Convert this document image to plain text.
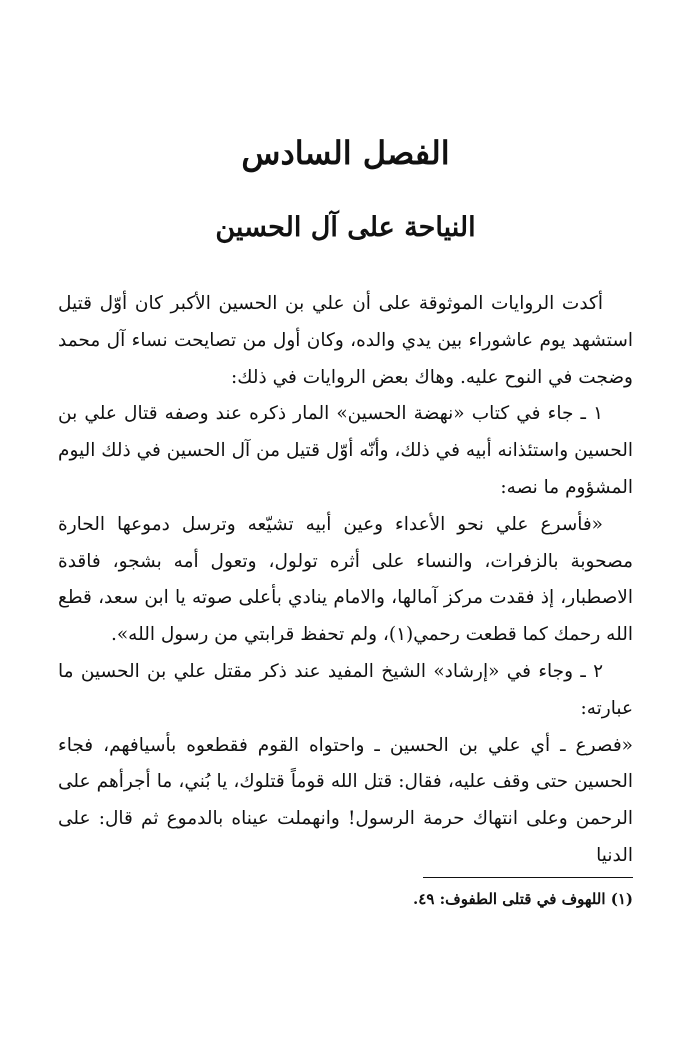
الفصل السادس
النياحة على آل الحسين

أكدت الروايات الموثوقة على أن علي بن الحسين الأكبر كان أوّل قتيل استشهد يوم عاشوراء بين يدي والده، وكان أول من تصايحت نساء آل محمد وضجت في النوح عليه. وهاك بعض الروايات في ذلك:

١ ـ جاء في كتاب «نهضة الحسين» المار ذكره عند وصفه قتال علي بن الحسين واستئذانه أبيه في ذلك، وأنّه أوّل قتيل من آل الحسين في ذلك اليوم المشؤوم ما نصه:

«فأسرع علي نحو الأعداء وعين أبيه تشيّعه وترسل دموعها الحارة مصحوبة بالزفرات، والنساء على أثره تولول، وتعول أمه بشجو، فاقدة الاصطبار، إذ فقدت مركز آمالها، والامام ينادي بأعلى صوته يا ابن سعد، قطع الله رحمك كما قطعت رحمي(١)، ولم تحفظ قرابتي من رسول الله».

٢ ـ وجاء في «إرشاد» الشيخ المفيد عند ذكر مقتل علي بن الحسين ما عبارته:

«فصرع ـ أي علي بن الحسين ـ واحتواه القوم فقطعوه بأسيافهم، فجاء الحسين حتى وقف عليه، فقال: قتل الله قوماً قتلوك، يا بُني، ما أجرأهم على الرحمن وعلى انتهاك حرمة الرسول! وانهملت عيناه بالدموع ثم قال: على الدنيا

(١) اللهوف في قتلى الطفوف: ٤٩.
